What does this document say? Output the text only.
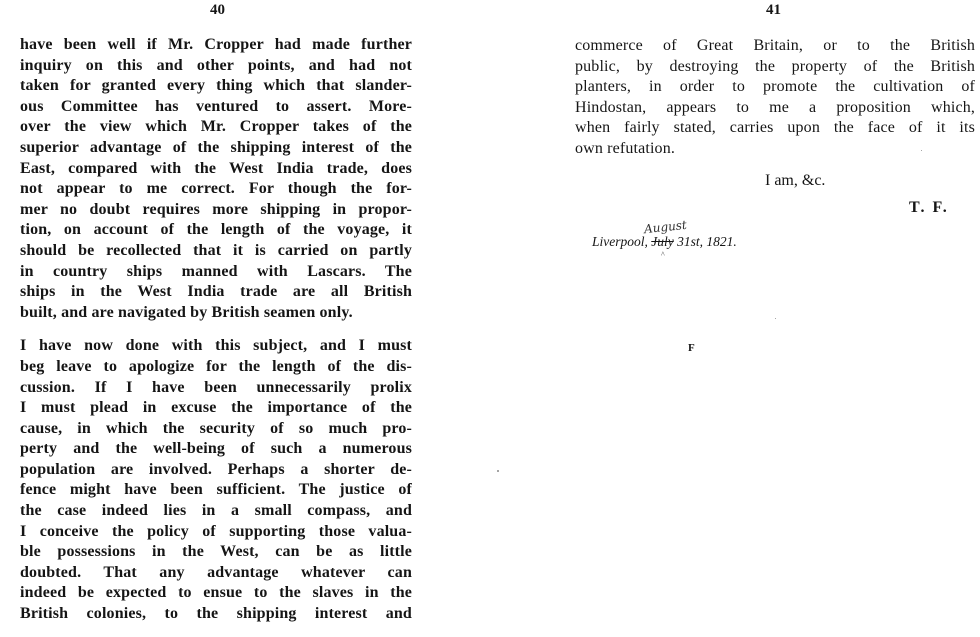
40
have been well if Mr. Cropper had made further
inquiry on this and other points, and had not
taken for granted every thing which that slander-
ous Committee has ventured to assert. More-
over the view which Mr. Cropper takes of the
superior advantage of the shipping interest of the
East, compared with the West India trade, does
not appear to me correct. For though the for-
mer no doubt requires more shipping in propor-
tion, on account of the length of the voyage, it
should be recollected that it is carried on partly
in country ships manned with Lascars. The
ships in the West India trade are all British
built, and are navigated by British seamen only.
I have now done with this subject, and I must
beg leave to apologize for the length of the dis-
cussion. If I have been unnecessarily prolix
I must plead in excuse the importance of the
cause, in which the security of so much pro-
perty and the well-being of such a numerous
population are involved. Perhaps a shorter de-
fence might have been sufficient. The justice of
the case indeed lies in a small compass, and
I conceive the policy of supporting those valua-
ble possessions in the West, can be as little
doubted. That any advantage whatever can
indeed be expected to ensue to the slaves in the
British colonies, to the shipping interest and
41
commerce of Great Britain, or to the British
public, by destroying the property of the British
planters, in order to promote the cultivation of
Hindostan, appears to me a proposition which,
when fairly stated, carries upon the face of it its
own refutation.
I am, &c.
T. F.
August
Liverpool, July 31st, 1821.
^
F
